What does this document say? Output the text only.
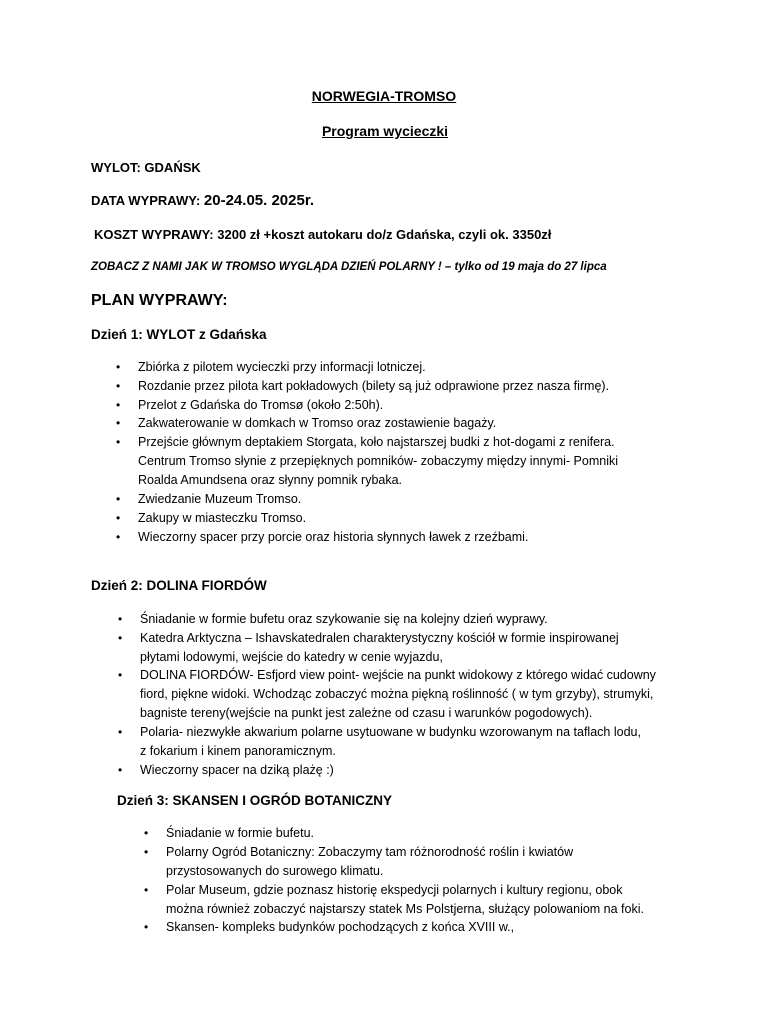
NORWEGIA-TROMSO
Program wycieczki
WYLOT: GDAŃSK
DATA WYPRAWY: 20-24.05. 2025r.
KOSZT WYPRAWY: 3200 zł +koszt autokaru do/z Gdańska, czyli ok. 3350zł
ZOBACZ Z NAMI JAK W TROMSO WYGLĄDA DZIEŃ POLARNY ! – tylko od 19 maja do 27 lipca
PLAN WYPRAWY:
Dzień 1: WYLOT z Gdańska
• Zbiórka z pilotem wycieczki przy informacji lotniczej.
• Rozdanie przez pilota kart pokładowych (bilety są już odprawione przez nasza firmę).
• Przelot z Gdańska do Tromsø (około 2:50h).
• Zakwaterowanie w domkach w Tromso oraz zostawienie bagaży.
• Przejście głównym deptakiem Storgata, koło najstarszej budki z hot-dogami z renifera.
Centrum Tromso słynie z przepięknych pomników- zobaczymy między innymi- Pomniki
Roalda Amundsena oraz słynny pomnik rybaka.
• Zwiedzanie Muzeum Tromso.
• Zakupy w miasteczku Tromso.
• Wieczorny spacer przy porcie oraz historia słynnych ławek z rzeźbami.
Dzień 2: DOLINA FIORDÓW
• Śniadanie w formie bufetu oraz szykowanie się na kolejny dzień wyprawy.
• Katedra Arktyczna – Ishavskatedralen charakterystyczny kościół w formie inspirowanej
płytami lodowymi, wejście do katedry w cenie wyjazdu,
• DOLINA FIORDÓW- Esfjord view point- wejście na punkt widokowy z którego widać cudowny
fiord, piękne widoki. Wchodząc zobaczyć można piękną roślinność ( w tym grzyby), strumyki,
bagniste tereny(wejście na punkt jest zależne od czasu i warunków pogodowych).
• Polaria- niezwykłe akwarium polarne usytuowane w budynku wzorowanym na taflach lodu,
z fokarium i kinem panoramicznym.
• Wieczorny spacer na dziką plażę :)
Dzień 3: SKANSEN I OGRÓD BOTANICZNY
• Śniadanie w formie bufetu.
• Polarny Ogród Botaniczny: Zobaczymy tam różnorodność roślin i kwiatów
przystosowanych do surowego klimatu.
• Polar Museum, gdzie poznasz historię ekspedycji polarnych i kultury regionu, obok
można również zobaczyć najstarszy statek Ms Polstjerna, służący polowaniom na foki.
• Skansen- kompleks budynków pochodzących z końca XVIII w.,
